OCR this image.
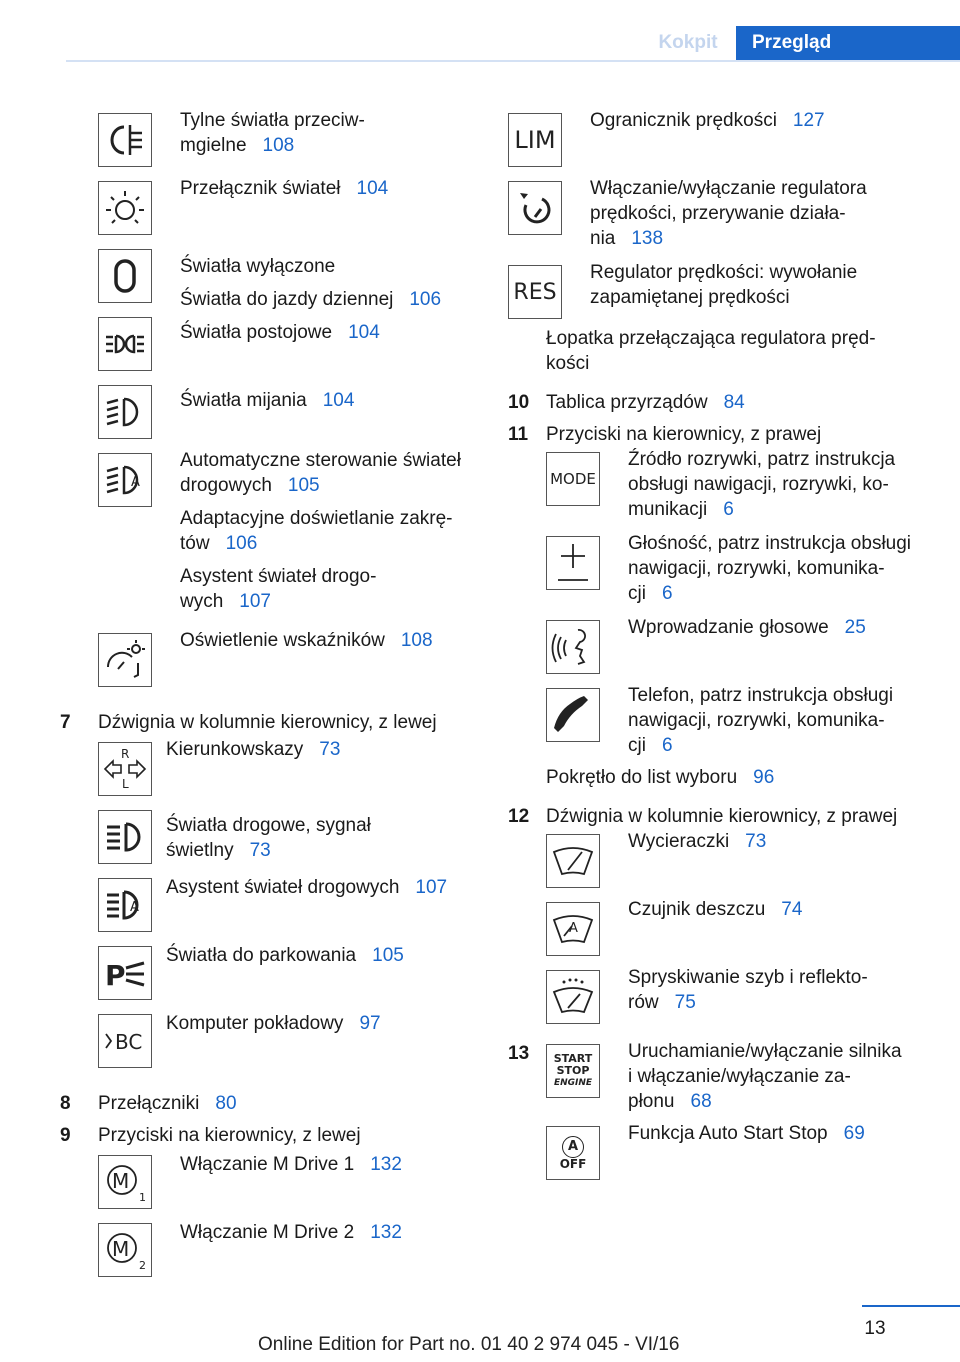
Kokpit	Przegląd

Tylne światła przeciw-

mgielne 108

Przełącznik świateł 104

Światła wyłączone

Światła do jazdy dziennej 106

Światła postojowe 104

Światła mijania 104

A

Automatyczne sterowanie świateł

drogowych 105

Adaptacyjne doświetlanie zakrę-

tów 106

Asystent świateł drogo-

wych 107

Oświetlenie wskaźników 108

7	Dźwignia w kolumnie kierownicy, z lewej
R
L

Kierunkowskazy 73

Światła drogowe, sygnał

świetlny 73

A

Asystent świateł drogowych 107

P

Światła do parkowania 105

BC

Komputer pokładowy 97

8	Przełączniki 80
9	Przyciski na kierownicy, z lewej
M
1

Włączanie M Drive 1 132

M
2

Włączanie M Drive 2 132

LIM

Ogranicznik prędkości 127

Włączanie/wyłączanie regulatora

prędkości, przerywanie działa-

nia 138

RES

Regulator prędkości: wywołanie

zapamiętanej prędkości

Łopatka przełączająca regulatora pręd-

kości

10 Tablica przyrządów 84
11 Przyciski na kierownicy, z prawej
MODE

Źródło rozrywki, patrz instrukcja

obsługi nawigacji, rozrywki, ko-

munikacji 6

Głośność, patrz instrukcja obsługi

nawigacji, rozrywki, komunika-

cji 6

Wprowadzanie głosowe 25

Telefon, patrz instrukcja obsługi

nawigacji, rozrywki, komunika-

cji 6

Pokrętło do list wyboru 96
12 Dźwignia w kolumnie kierownicy, z prawej

Wycieraczki 73

A

Czujnik deszczu 74

Spryskiwanie szyb i reflekto-

rów 75

13	START
STOP
ENGINE

Uruchamianie/wyłączanie silnika

i włączanie/wyłączanie za-

płonu 68

A
OFF

Funkcja Auto Start Stop 69

13
Online Edition for Part no. 01 40 2 974 045 - VI/16
